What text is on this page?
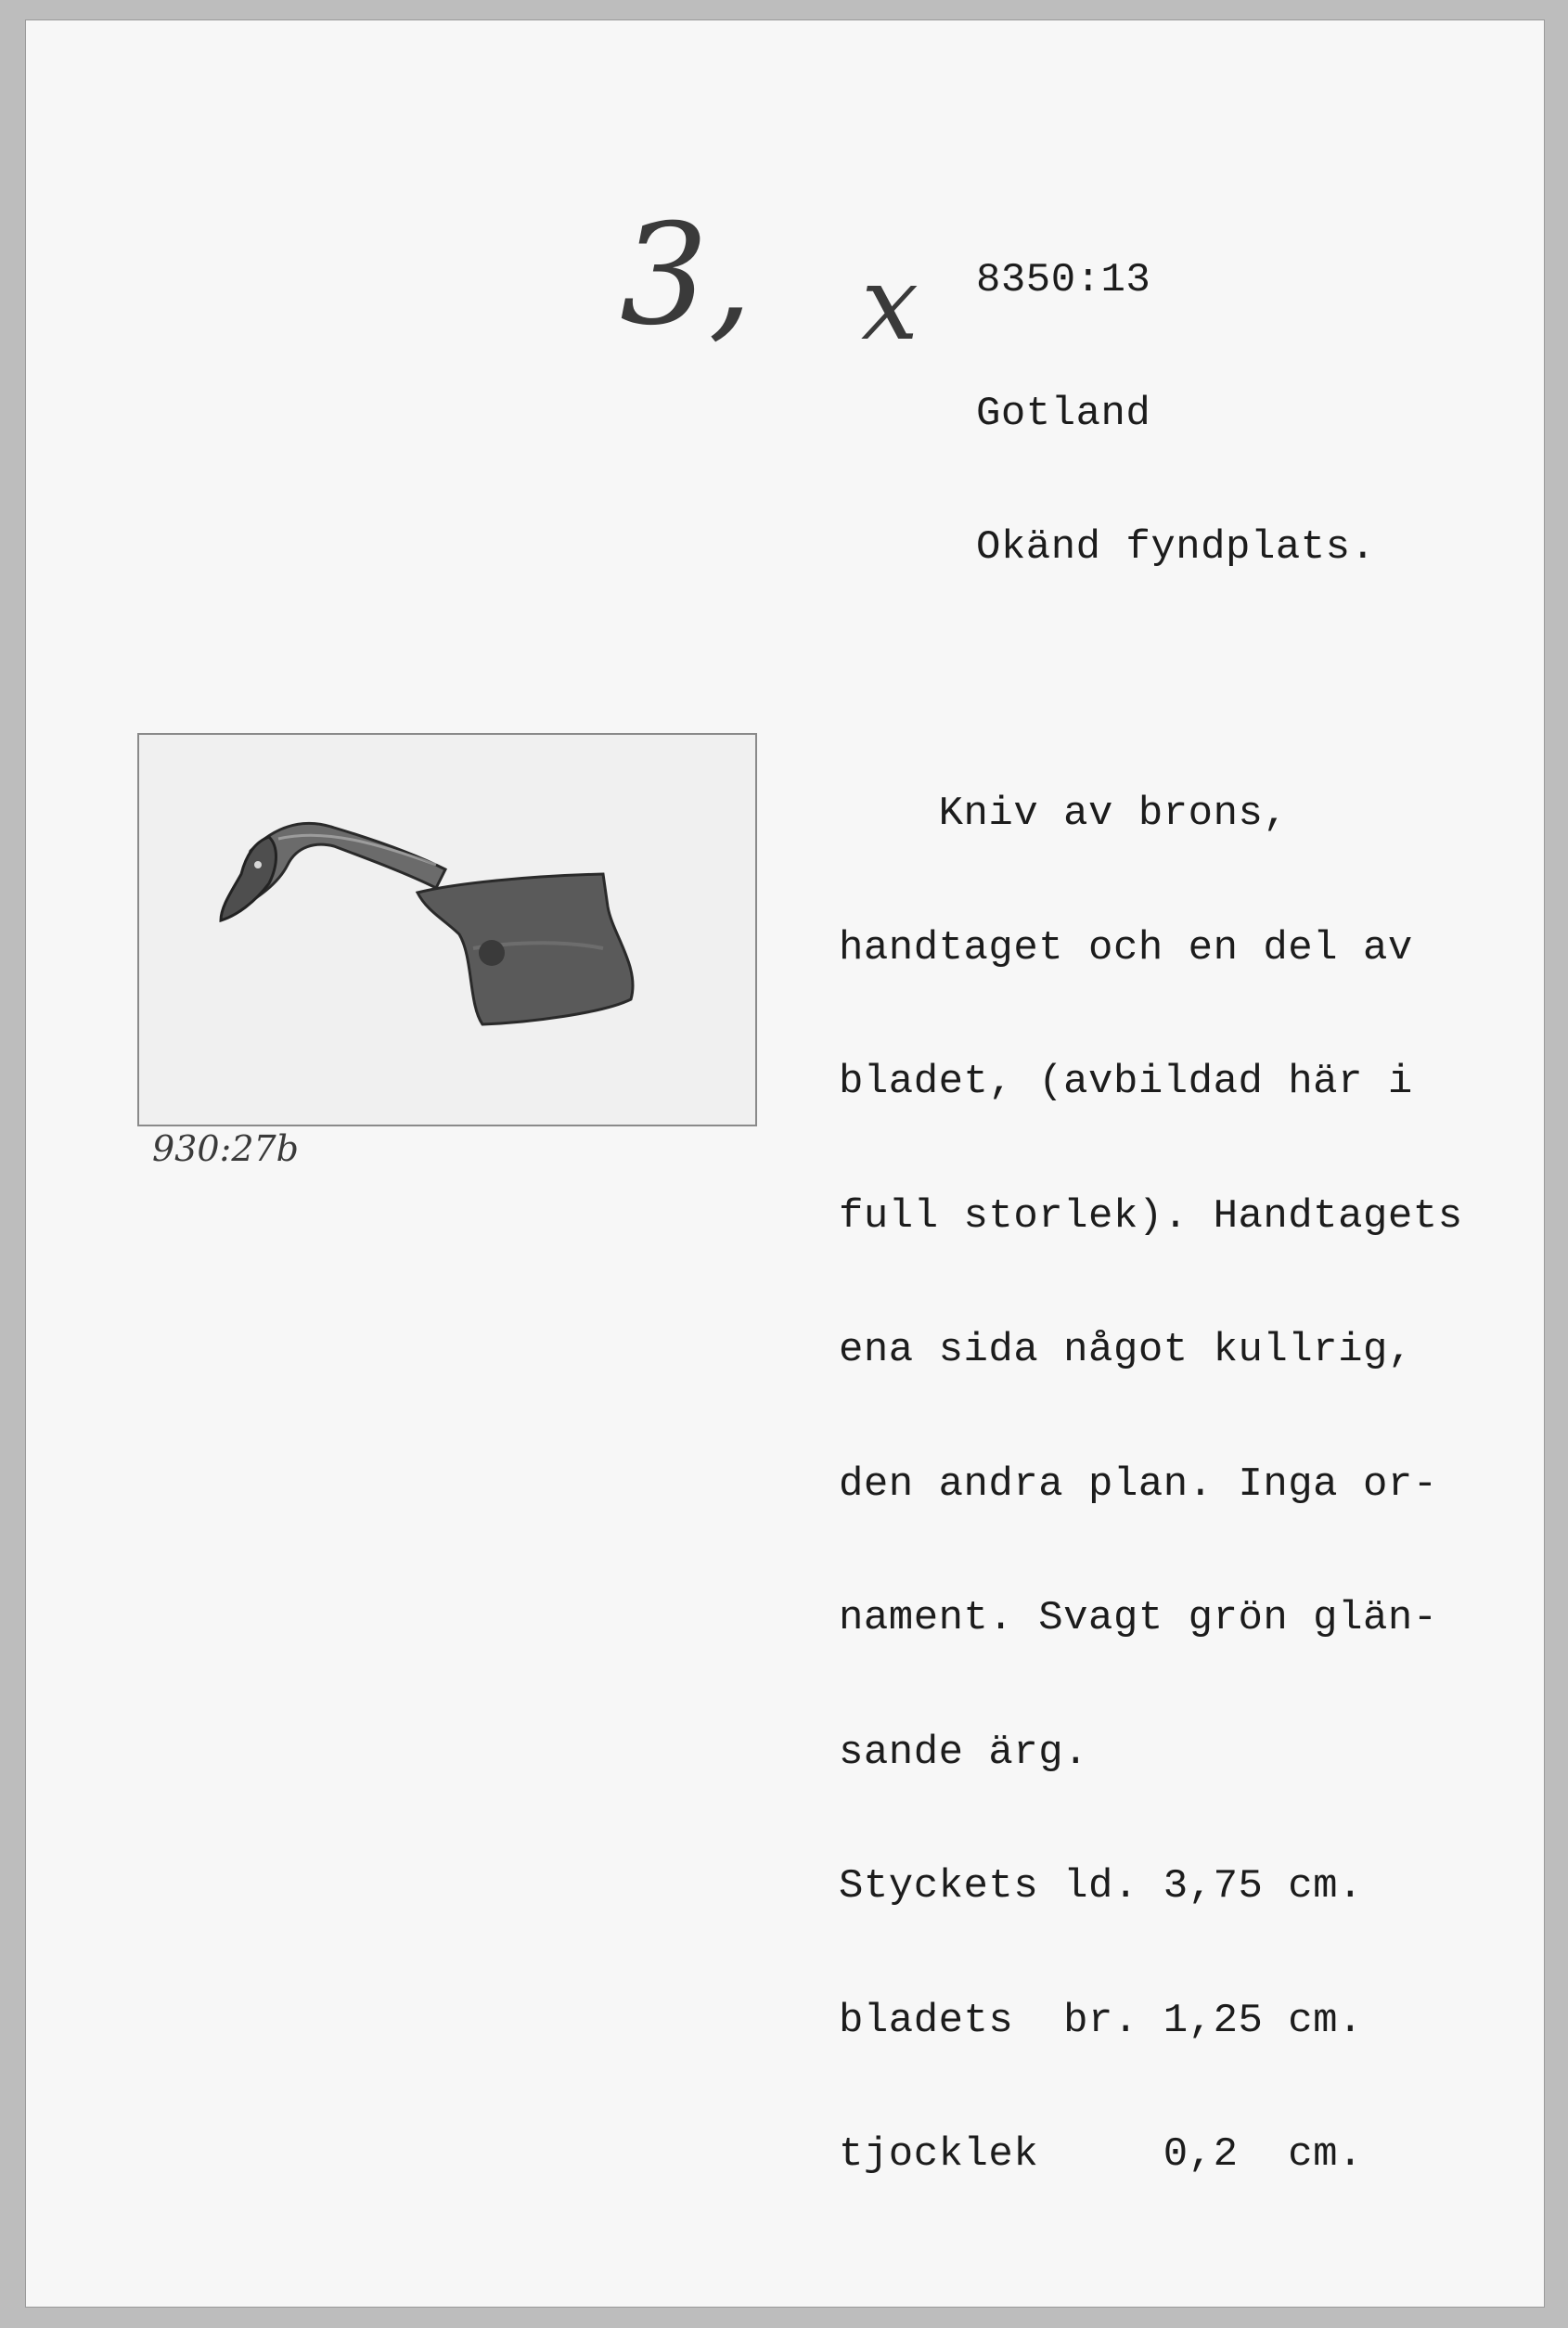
8350:13

Gotland

Okänd fyndplats.

3, x
930:27b

Kniv av brons,

handtaget och en del av

bladet, (avbildad här i

full storlek). Handtagets

ena sida något kullrig,

den andra plan. Inga or-

nament. Svagt grön glän-

sande ärg.

Styckets ld. 3,75 cm.

bladets  br. 1,25 cm.

tjocklek     0,2  cm.
